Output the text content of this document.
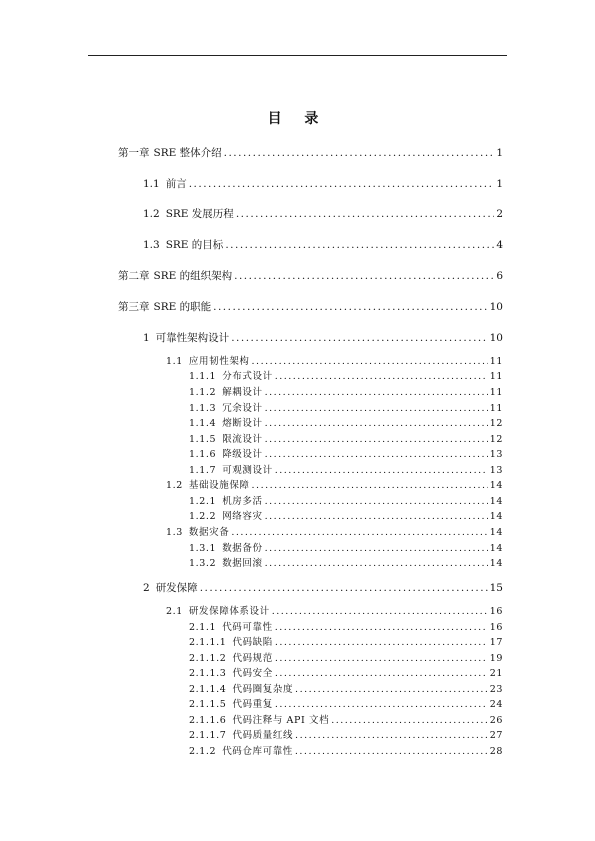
目 录
第一章 SRE 整体介绍 .....	1
1.1 前言 .....	1
1.2 SRE 发展历程 .....	2
1.3 SRE 的目标 .....	4
第二章 SRE 的组织架构 .....	6
第三章 SRE 的职能 .....	10
1 可靠性架构设计 .....	10
1.1 应用韧性架构 .....	11
1.1.1 分布式设计 .....	11
1.1.2 解耦设计 .....	11
1.1.3 冗余设计 .....	11
1.1.4 熔断设计 .....	12
1.1.5 限流设计 .....	12
1.1.6 降级设计 .....	13
1.1.7 可观测设计 .....	13
1.2 基础设施保障 .....	14
1.2.1 机房多活 .....	14
1.2.2 网络容灾 .....	14
1.3 数据灾备 .....	14
1.3.1 数据备份 .....	14
1.3.2 数据回滚 .....	14
2 研发保障 .....	15
2.1 研发保障体系设计 .....	16
2.1.1 代码可靠性 .....	16
2.1.1.1 代码缺陷 .....	17
2.1.1.2 代码规范 .....	19
2.1.1.3 代码安全 .....	21
2.1.1.4 代码圈复杂度 .....	23
2.1.1.5 代码重复 .....	24
2.1.1.6 代码注释与 API 文档 .....	26
2.1.1.7 代码质量红线 .....	27
2.1.2 代码仓库可靠性 .....	28
